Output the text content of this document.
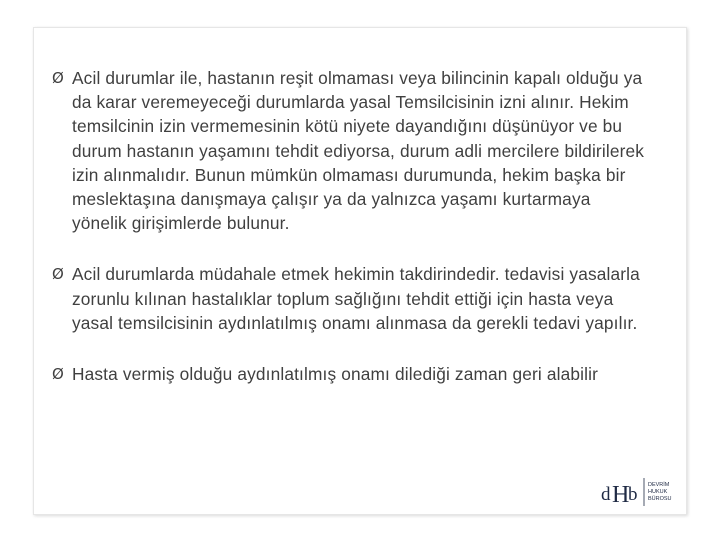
Ø Acil durumlar ile, hastanın reşit olmaması veya bilincinin kapalı olduğu ya da karar veremeyeceği durumlarda yasal Temsilcisinin izni alınır. Hekim temsilcinin izin vermemesinin kötü niyete dayandığını düşünüyor ve bu durum hastanın yaşamını tehdit ediyorsa, durum adli mercilere bildirilerek izin alınmalıdır. Bunun mümkün olmaması durumunda, hekim başka bir meslektaşına danışmaya çalışır ya da yalnızca yaşamı kurtarmaya yönelik girişimlerde bulunur.
Ø Acil durumlarda müdahale etmek hekimin takdirindedir. tedavisi yasalarla zorunlu kılınan hastalıklar toplum sağlığını tehdit ettiği için hasta veya yasal temsilcisinin aydınlatılmış onamı alınmasa da gerekli tedavi yapılır.
Ø Hasta vermiş olduğu aydınlatılmış onamı dilediği zaman geri alabilir
d H
b DEVRİM
HUKUK
BÜROSU
